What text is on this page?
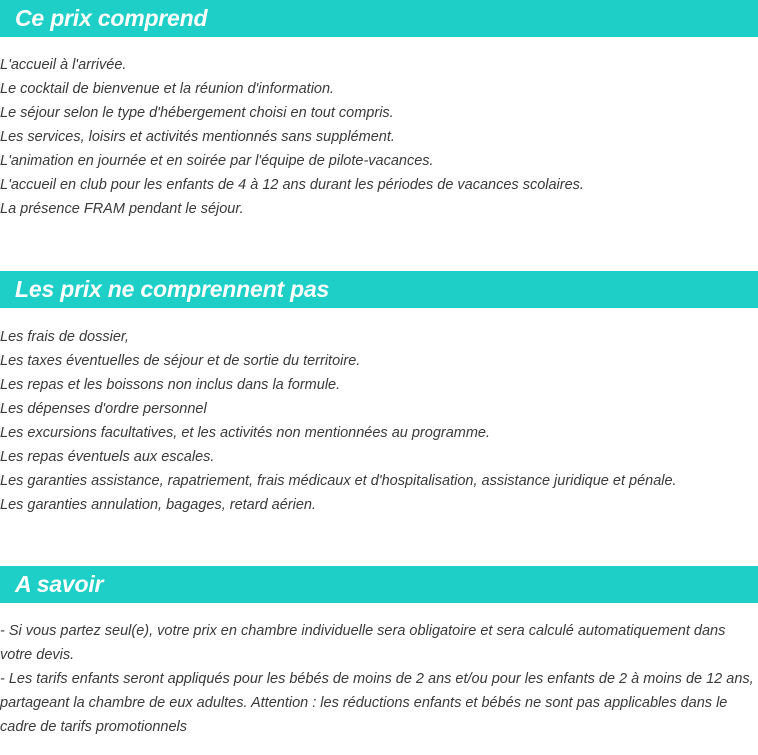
Ce prix comprend
L'accueil à l'arrivée.
Le cocktail de bienvenue et la réunion d'information.
Le séjour selon le type d'hébergement choisi en tout compris.
Les services, loisirs et activités mentionnés sans supplément.
L'animation en journée et en soirée par l'équipe de pilote-vacances.
L'accueil en club pour les enfants de 4 à 12 ans durant les périodes de vacances scolaires.
La présence FRAM pendant le séjour.
Les prix ne comprennent pas
Les frais de dossier,
Les taxes éventuelles de séjour et de sortie du territoire.
Les repas et les boissons non inclus dans la formule.
Les dépenses d'ordre personnel
Les excursions facultatives, et les activités non mentionnées au programme.
Les repas éventuels aux escales.
Les garanties assistance, rapatriement, frais médicaux et d'hospitalisation, assistance juridique et pénale.
Les garanties annulation, bagages, retard aérien.
A savoir
- Si vous partez seul(e), votre prix en chambre individuelle sera obligatoire et sera calculé automatiquement dans votre devis.
- Les tarifs enfants seront appliqués pour les bébés de moins de 2 ans et/ou pour les enfants de 2 à moins de 12 ans, partageant la chambre de eux adultes. Attention : les réductions enfants et bébés ne sont pas applicables dans le cadre de tarifs promotionnels
